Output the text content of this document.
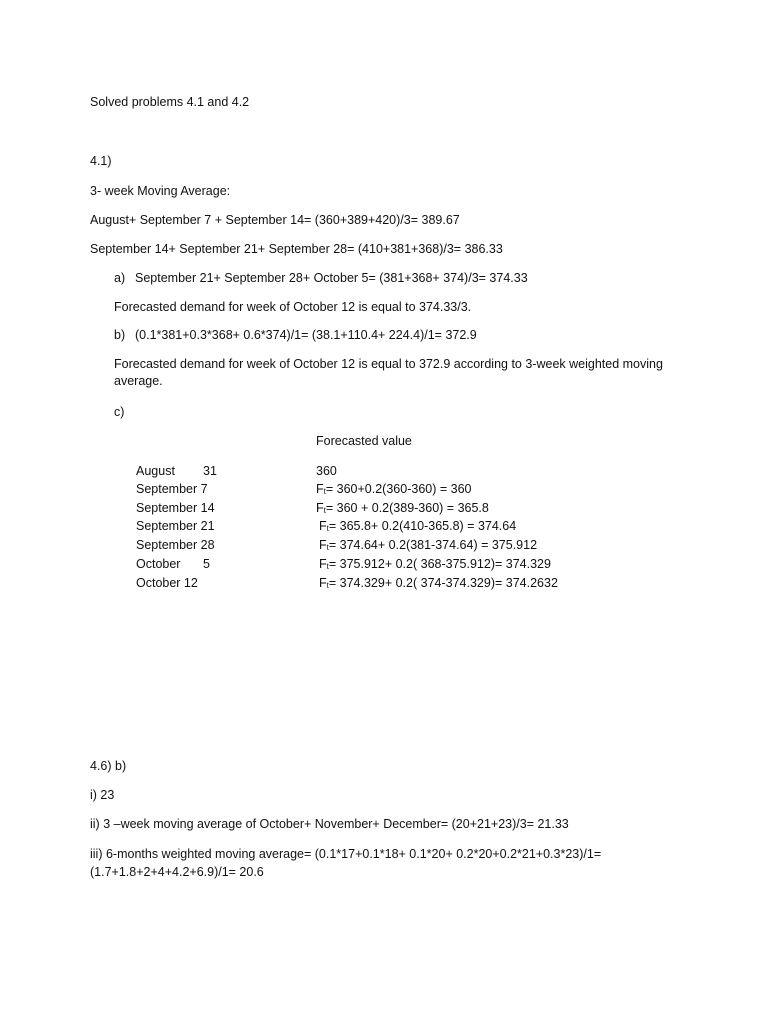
Solved problems 4.1 and 4.2
4.1)
3- week Moving Average:
August+ September 7 + September 14= (360+389+420)/3= 389.67
September 14+ September 21+ September 28= (410+381+368)/3= 386.33
a) September 21+ September 28+ October 5= (381+368+ 374)/3= 374.33
Forecasted demand for week of October 12 is equal to 374.33/3.
b) (0.1*381+0.3*368+ 0.6*374)/1= (38.1+110.4+ 224.4)/1= 372.9
Forecasted demand for week of October 12 is equal to 372.9 according to 3-week weighted moving average.
c)
Forecasted value
August 31	360
September 7	Ft= 360+0.2(360-360) = 360
September 14	Ft= 360 + 0.2(389-360) = 365.8
September 21	Ft= 365.8+ 0.2(410-365.8) = 374.64
September 28	Ft= 374.64+ 0.2(381-374.64) = 375.912
October 5	Ft= 375.912+ 0.2( 368-375.912)= 374.329
October 12	Ft= 374.329+ 0.2( 374-374.329)= 374.2632
4.6) b)
i) 23
ii) 3 –week moving average of October+ November+ December= (20+21+23)/3= 21.33
iii) 6-months weighted moving average= (0.1*17+0.1*18+ 0.1*20+ 0.2*20+0.2*21+0.3*23)/1=
(1.7+1.8+2+4+4.2+6.9)/1= 20.6
